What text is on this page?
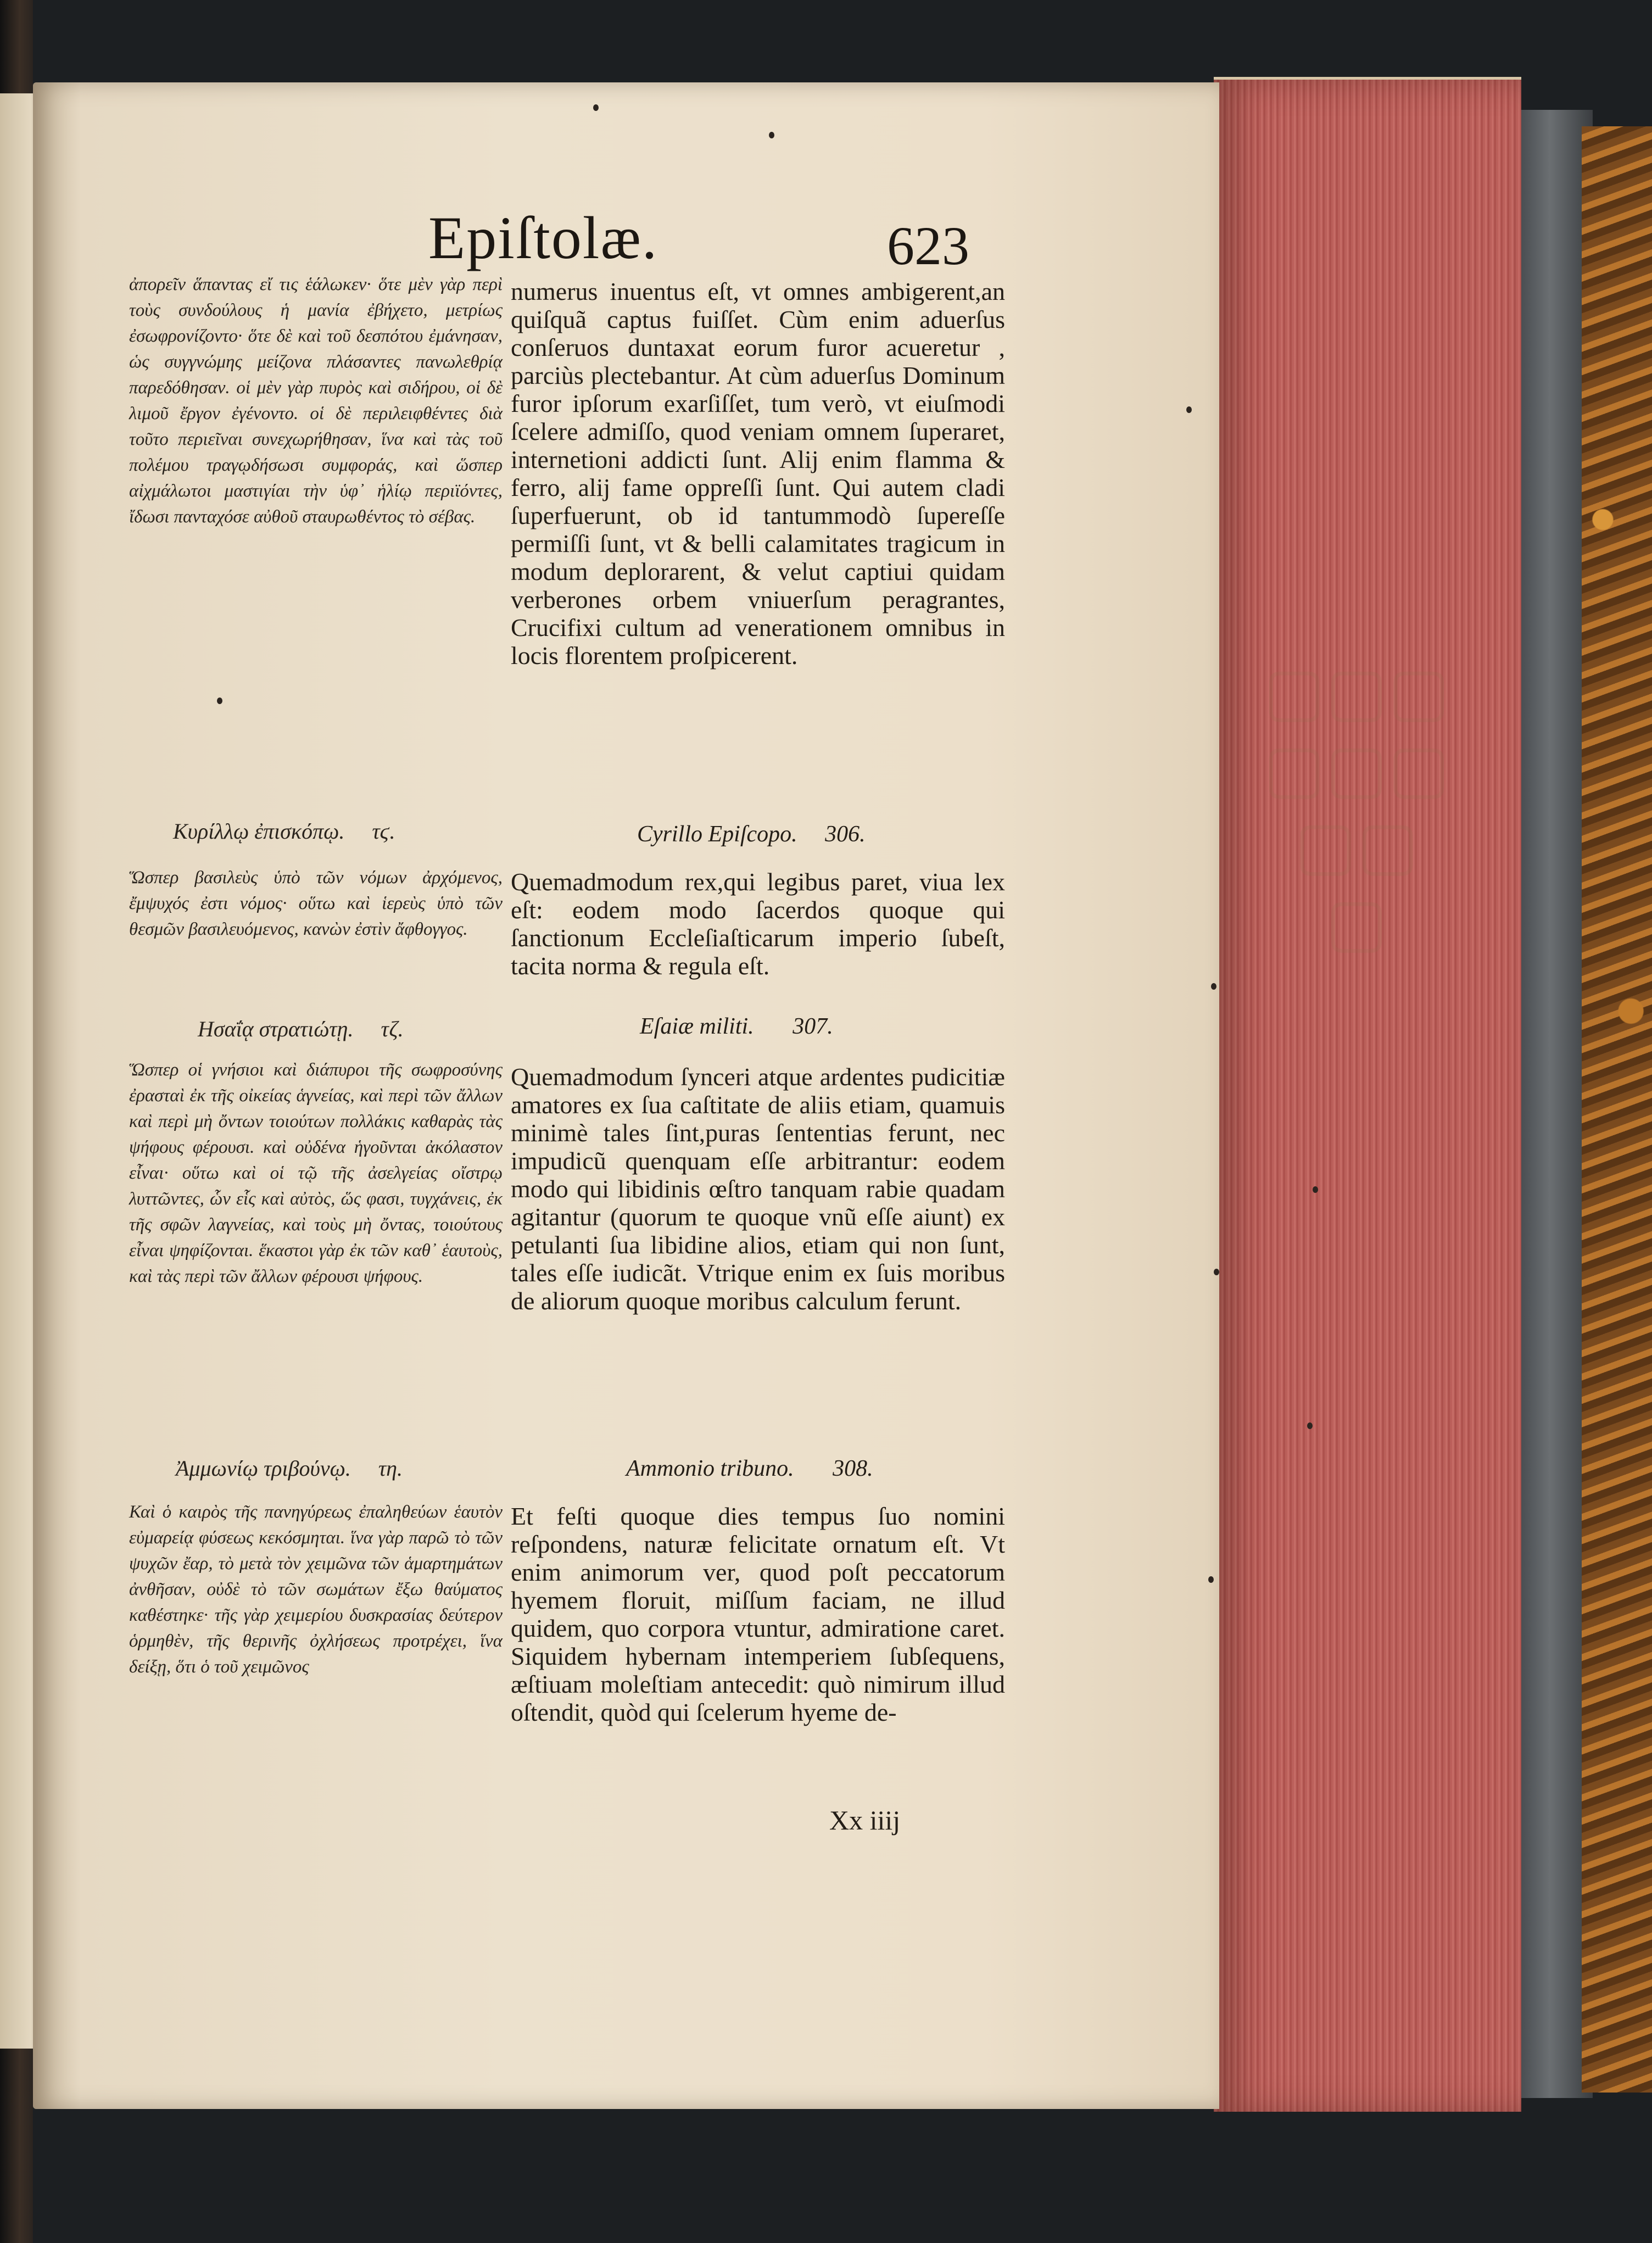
▢▢▢
▢▢▢
▢▢
▢
Epiſtolæ.	623

ἀπορεῖν ἅπαντας εἴ τις ἑάλωκεν· ὅτε μὲν γὰρ περὶ τοὺς συνδούλους ἡ μανία ἐβήχετο, μετρίως ἐσωφρονίζοντο· ὅτε δὲ καὶ τοῦ δεσπότου ἐμάνησαν, ὡς συγγνώμης μείζονα πλάσαντες πανωλεθρίᾳ παρεδόθησαν. οἱ μὲν γὰρ πυρὸς καὶ σιδήρου, οἱ δὲ λιμοῦ ἔργον ἐγένοντο. οἱ δὲ περιλειφθέντες διὰ τοῦτο περιεῖναι συνεχωρήθησαν, ἵνα καὶ τὰς τοῦ πολέμου τραγῳδήσωσι συμφοράς, καὶ ὥσπερ αἰχμάλωτοι μαστιγίαι τὴν ὑφ᾽ ἡλίῳ περιϊόντες, ἴδωσι πανταχόσε αὐθοῦ σταυρωθέντος τὸ σέβας.

Κυρίλλῳ ἐπισκόπῳ. τϛ.

Ὥσπερ βασιλεὺς ὑπὸ τῶν νόμων ἀρχόμενος, ἔμψυχός ἐστι νόμος· οὕτω καὶ ἱερεὺς ὑπὸ τῶν θεσμῶν βασιλευόμενος, κανὼν ἐστὶν ἄφθογγος.

Ησαΐᾳ στρατιώτῃ. τζ.

Ὥσπερ οἱ γνήσιοι καὶ διάπυροι τῆς σωφροσύνης ἐρασταὶ ἐκ τῆς οἰκείας ἁγνείας, καὶ περὶ τῶν ἄλλων καὶ περὶ μὴ ὄντων τοιούτων πολλάκις καθαρὰς τὰς ψήφους φέρουσι. καὶ οὐδένα ἡγοῦνται ἀκόλαστον εἶναι· οὕτω καὶ οἱ τῷ τῆς ἀσελγείας οἴστρῳ λυττῶντες, ὧν εἷς καὶ αὐτὸς, ὥς φασι, τυγχάνεις, ἐκ τῆς σφῶν λαγνείας, καὶ τοὺς μὴ ὄντας, τοιούτους εἶναι ψηφίζονται. ἕκαστοι γὰρ ἐκ τῶν καθ᾽ ἑαυτοὺς, καὶ τὰς περὶ τῶν ἄλλων φέρουσι ψήφους.

Ἀμμωνίῳ τριβούνῳ. τη.

Καὶ ὁ καιρὸς τῆς πανηγύρεως ἐπαληθεύων ἑαυτὸν εὐμαρείᾳ φύσεως κεκόσμηται. ἵνα γὰρ παρῶ τὸ τῶν ψυχῶν ἔαρ, τὸ μετὰ τὸν χειμῶνα τῶν ἁμαρτημάτων ἀνθῆσαν, οὐδὲ τὸ τῶν σωμάτων ἔξω θαύματος καθέστηκε· τῆς γὰρ χειμερίου δυσκρασίας δεύτερον ὁρμηθὲν, τῆς θερινῆς ὀχλήσεως προτρέχει, ἵνα δείξῃ, ὅτι ὁ τοῦ χειμῶνος

numerus inuentus eſt, vt omnes ambigerent,an quiſquã captus fuiſſet. Cùm enim aduerſus conſeruos duntaxat eorum furor acueretur , parciùs plectebantur. At cùm aduerſus Dominum furor ipſorum exarſiſſet, tum verò, vt eiuſmodi ſcelere admiſſo, quod veniam omnem ſuperaret, internetioni addicti ſunt. Alij enim flamma & ferro, alij fame oppreſſi ſunt. Qui autem cladi ſuperfuerunt, ob id tantummodò ſupereſſe permiſſi ſunt, vt & belli calamitates tragicum in modum deplorarent, & velut captiui quidam verberones orbem vniuerſum peragrantes, Crucifixi cultum ad venerationem omnibus in locis florentem proſpicerent.

Cyrillo Epiſcopo. 306.

Quemadmodum rex,qui legibus paret, viua lex eſt: eodem modo ſacerdos quoque qui ſanctionum Eccleſiaſticarum imperio ſubeſt, tacita norma & regula eſt.

Eſaiæ militi. 307.

Quemadmodum ſynceri atque ardentes pudicitiæ amatores ex ſua caſtitate de aliis etiam, quamuis minimè tales ſint,puras ſententias ferunt, nec impudicũ quenquam eſſe arbitrantur: eodem modo qui libidinis œſtro tanquam rabie quadam agitantur (quorum te quoque vnũ eſſe aiunt) ex petulanti ſua libidine alios, etiam qui non ſunt, tales eſſe iudicãt. Vtrique enim ex ſuis moribus de aliorum quoque moribus calculum ferunt.

Ammonio tribuno. 308.

Et feſti quoque dies tempus ſuo nomini reſpondens, naturæ felicitate ornatum eſt. Vt enim animorum ver, quod poſt peccatorum hyemem floruit, miſſum faciam, ne illud quidem, quo corpora vtuntur, admiratione caret. Siquidem hybernam intemperiem ſubſequens, æſtiuam moleſtiam antecedit: quò nimirum illud oſtendit, quòd qui ſcelerum hyeme de-

Xx iiij
